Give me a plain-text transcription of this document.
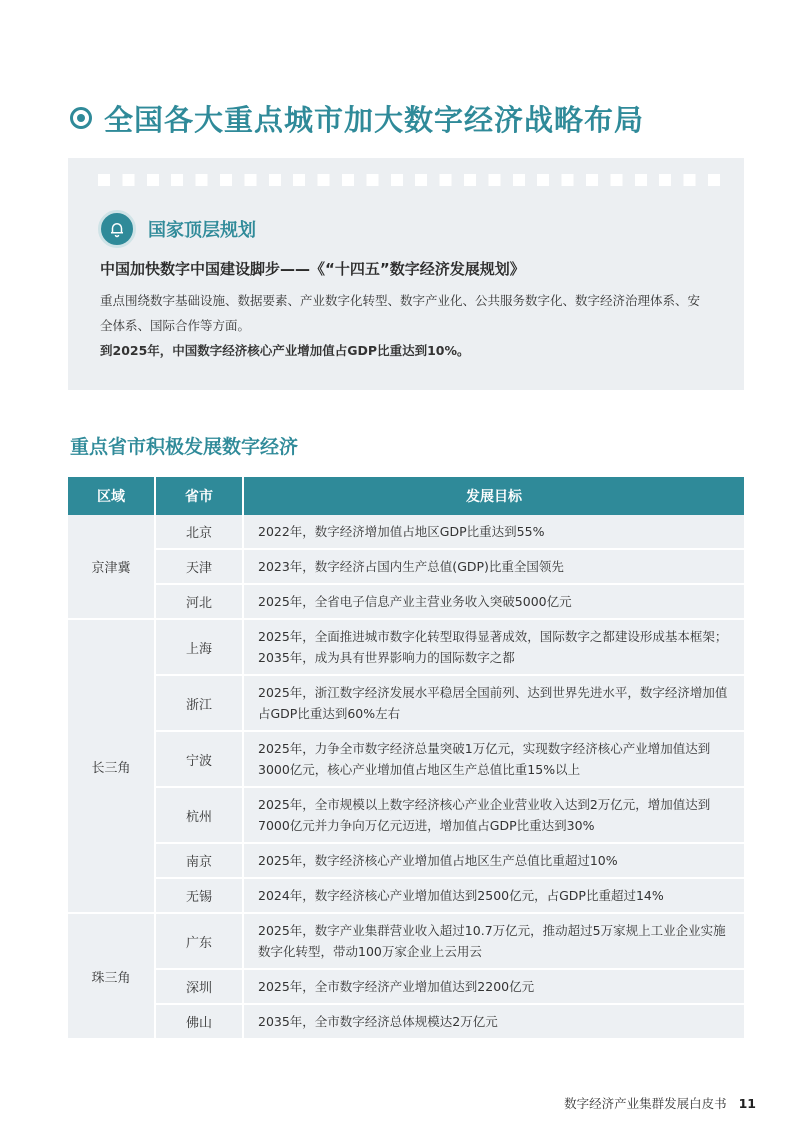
全国各大重点城市加大数字经济战略布局
国家顶层规划
中国加快数字中国建设脚步——《“十四五”数字经济发展规划》

重点围绕数字基础设施、数据要素、产业数字化转型、数字产业化、公共服务数字化、数字经济治理体系、安全体系、国际合作等方面。

到2025年，中国数字经济核心产业增加值占GDP比重达到10%。

重点省市积极发展数字经济
区域	省市	发展目标
京津冀	北京	2022年，数字经济增加值占地区GDP比重达到55%
	天津	2023年，数字经济占国内生产总值(GDP)比重全国领先
	河北	2025年，全省电子信息产业主营业务收入突破5000亿元
长三角	上海	2025年，全面推进城市数字化转型取得显著成效，国际数字之都建设形成基本框架；2035年，成为具有世界影响力的国际数字之都
	浙江	2025年，浙江数字经济发展水平稳居全国前列、达到世界先进水平，数字经济增加值占GDP比重达到60%左右
	宁波	2025年，力争全市数字经济总量突破1万亿元，实现数字经济核心产业增加值达到3000亿元，核心产业增加值占地区生产总值比重15%以上
	杭州	2025年，全市规模以上数字经济核心产业企业营业收入达到2万亿元，增加值达到7000亿元并力争向万亿元迈进，增加值占GDP比重达到30%
	南京	2025年，数字经济核心产业增加值占地区生产总值比重超过10%
	无锡	2024年，数字经济核心产业增加值达到2500亿元，占GDP比重超过14%
珠三角	广东	2025年，数字产业集群营业收入超过10.7万亿元，推动超过5万家规上工业企业实施数字化转型，带动100万家企业上云用云
	深圳	2025年，全市数字经济产业增加值达到2200亿元
	佛山	2035年，全市数字经济总体规模达2万亿元
数字经济产业集群发展白皮书 11
